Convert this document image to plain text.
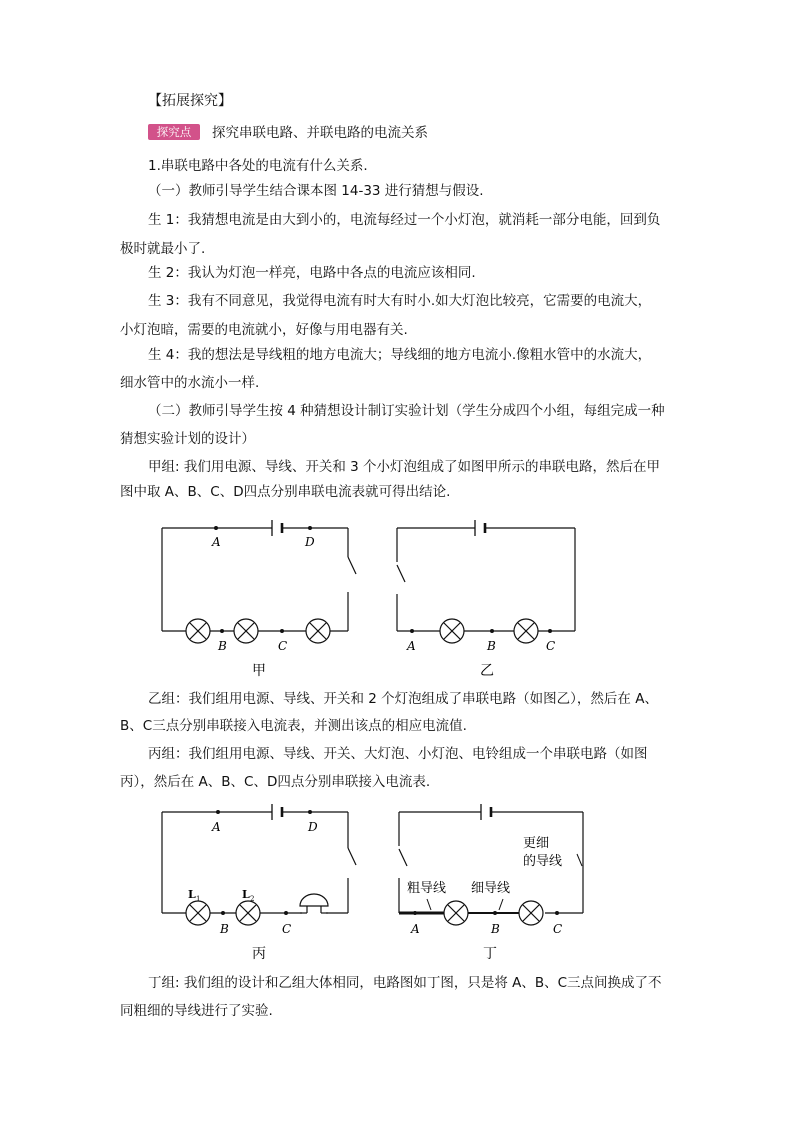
【拓展探究】
探究点	探究串联电路、并联电路的电流关系
1.串联电路中各处的电流有什么关系.
（一）教师引导学生结合课本图 14-33 进行猜想与假设.
生 1：我猜想电流是由大到小的，电流每经过一个小灯泡，就消耗一部分电能，回到负
极时就最小了.
生 2：我认为灯泡一样亮，电路中各点的电流应该相同.
生 3：我有不同意见，我觉得电流有时大有时小.如大灯泡比较亮，它需要的电流大，
小灯泡暗，需要的电流就小，好像与用电器有关.
生 4：我的想法是导线粗的地方电流大；导线细的地方电流小.像粗水管中的水流大，
细水管中的水流小一样.
（二）教师引导学生按 4 种猜想设计制订实验计划（学生分成四个小组，每组完成一种
猜想实验计划的设计）
甲组: 我们用电源、导线、开关和 3 个小灯泡组成了如图甲所示的串联电路，然后在甲
图中取 A、B、C、D四点分别串联电流表就可得出结论.
A	D
B	C
甲
A	B	C
乙
乙组：我们组用电源、导线、开关和 2 个灯泡组成了串联电路（如图乙），然后在 A、
B、C三点分别串联接入电流表，并测出该点的相应电流值.
丙组：我们组用电源、导线、开关、大灯泡、小灯泡、电铃组成一个串联电路（如图
丙），然后在 A、B、C、D四点分别串联接入电流表.
A	D
L 1	L 2
B	C
丙
粗导线 细导线
更细
的导线
A	B	C
丁
丁组: 我们组的设计和乙组大体相同，电路图如丁图，只是将 A、B、C三点间换成了不
同粗细的导线进行了实验.
